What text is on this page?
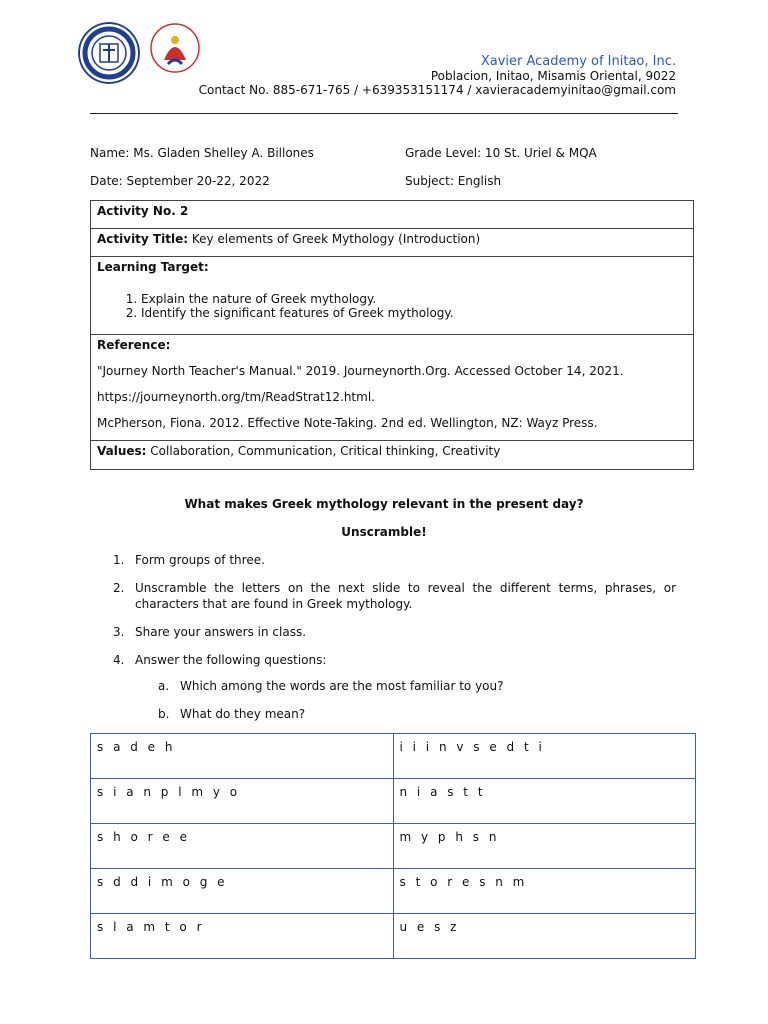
Xavier Academy of Initao, Inc.
Poblacion, Initao, Misamis Oriental, 9022
Contact No. 885-671-765 / +639353151174 / xavieracademyinitao@gmail.com
Name: Ms. Gladen Shelley A. Billones	Grade Level: 10 St. Uriel & MQA
Date: September 20-22, 2022	Subject: English
Activity No. 2
Activity Title: Key elements of Greek Mythology (Introduction)
Learning Target:
1. Explain the nature of Greek mythology.
2. Identify the significant features of Greek mythology.
Reference:
"Journey North Teacher's Manual." 2019. Journeynorth.Org. Accessed October 14, 2021.
https://journeynorth.org/tm/ReadStrat12.html.
McPherson, Fiona. 2012. Effective Note-Taking. 2nd ed. Wellington, NZ: Wayz Press.
Values: Collaboration, Communication, Critical thinking, Creativity
What makes Greek mythology relevant in the present day?
Unscramble!
1. Form groups of three.
2. Unscramble the letters on the next slide to reveal the different terms, phrases, or characters that are found in Greek mythology.
3. Share your answers in class.
4. Answer the following questions:
a. Which among the words are the most familiar to you?
b. What do they mean?
s a d e h	i i i n v s e d t i
s i a n p l m y o	n i a s t t
s h o r e e	m y p h s n
s d d i m o g e	s t o r e s n m
s l a m t o r	u e s z
